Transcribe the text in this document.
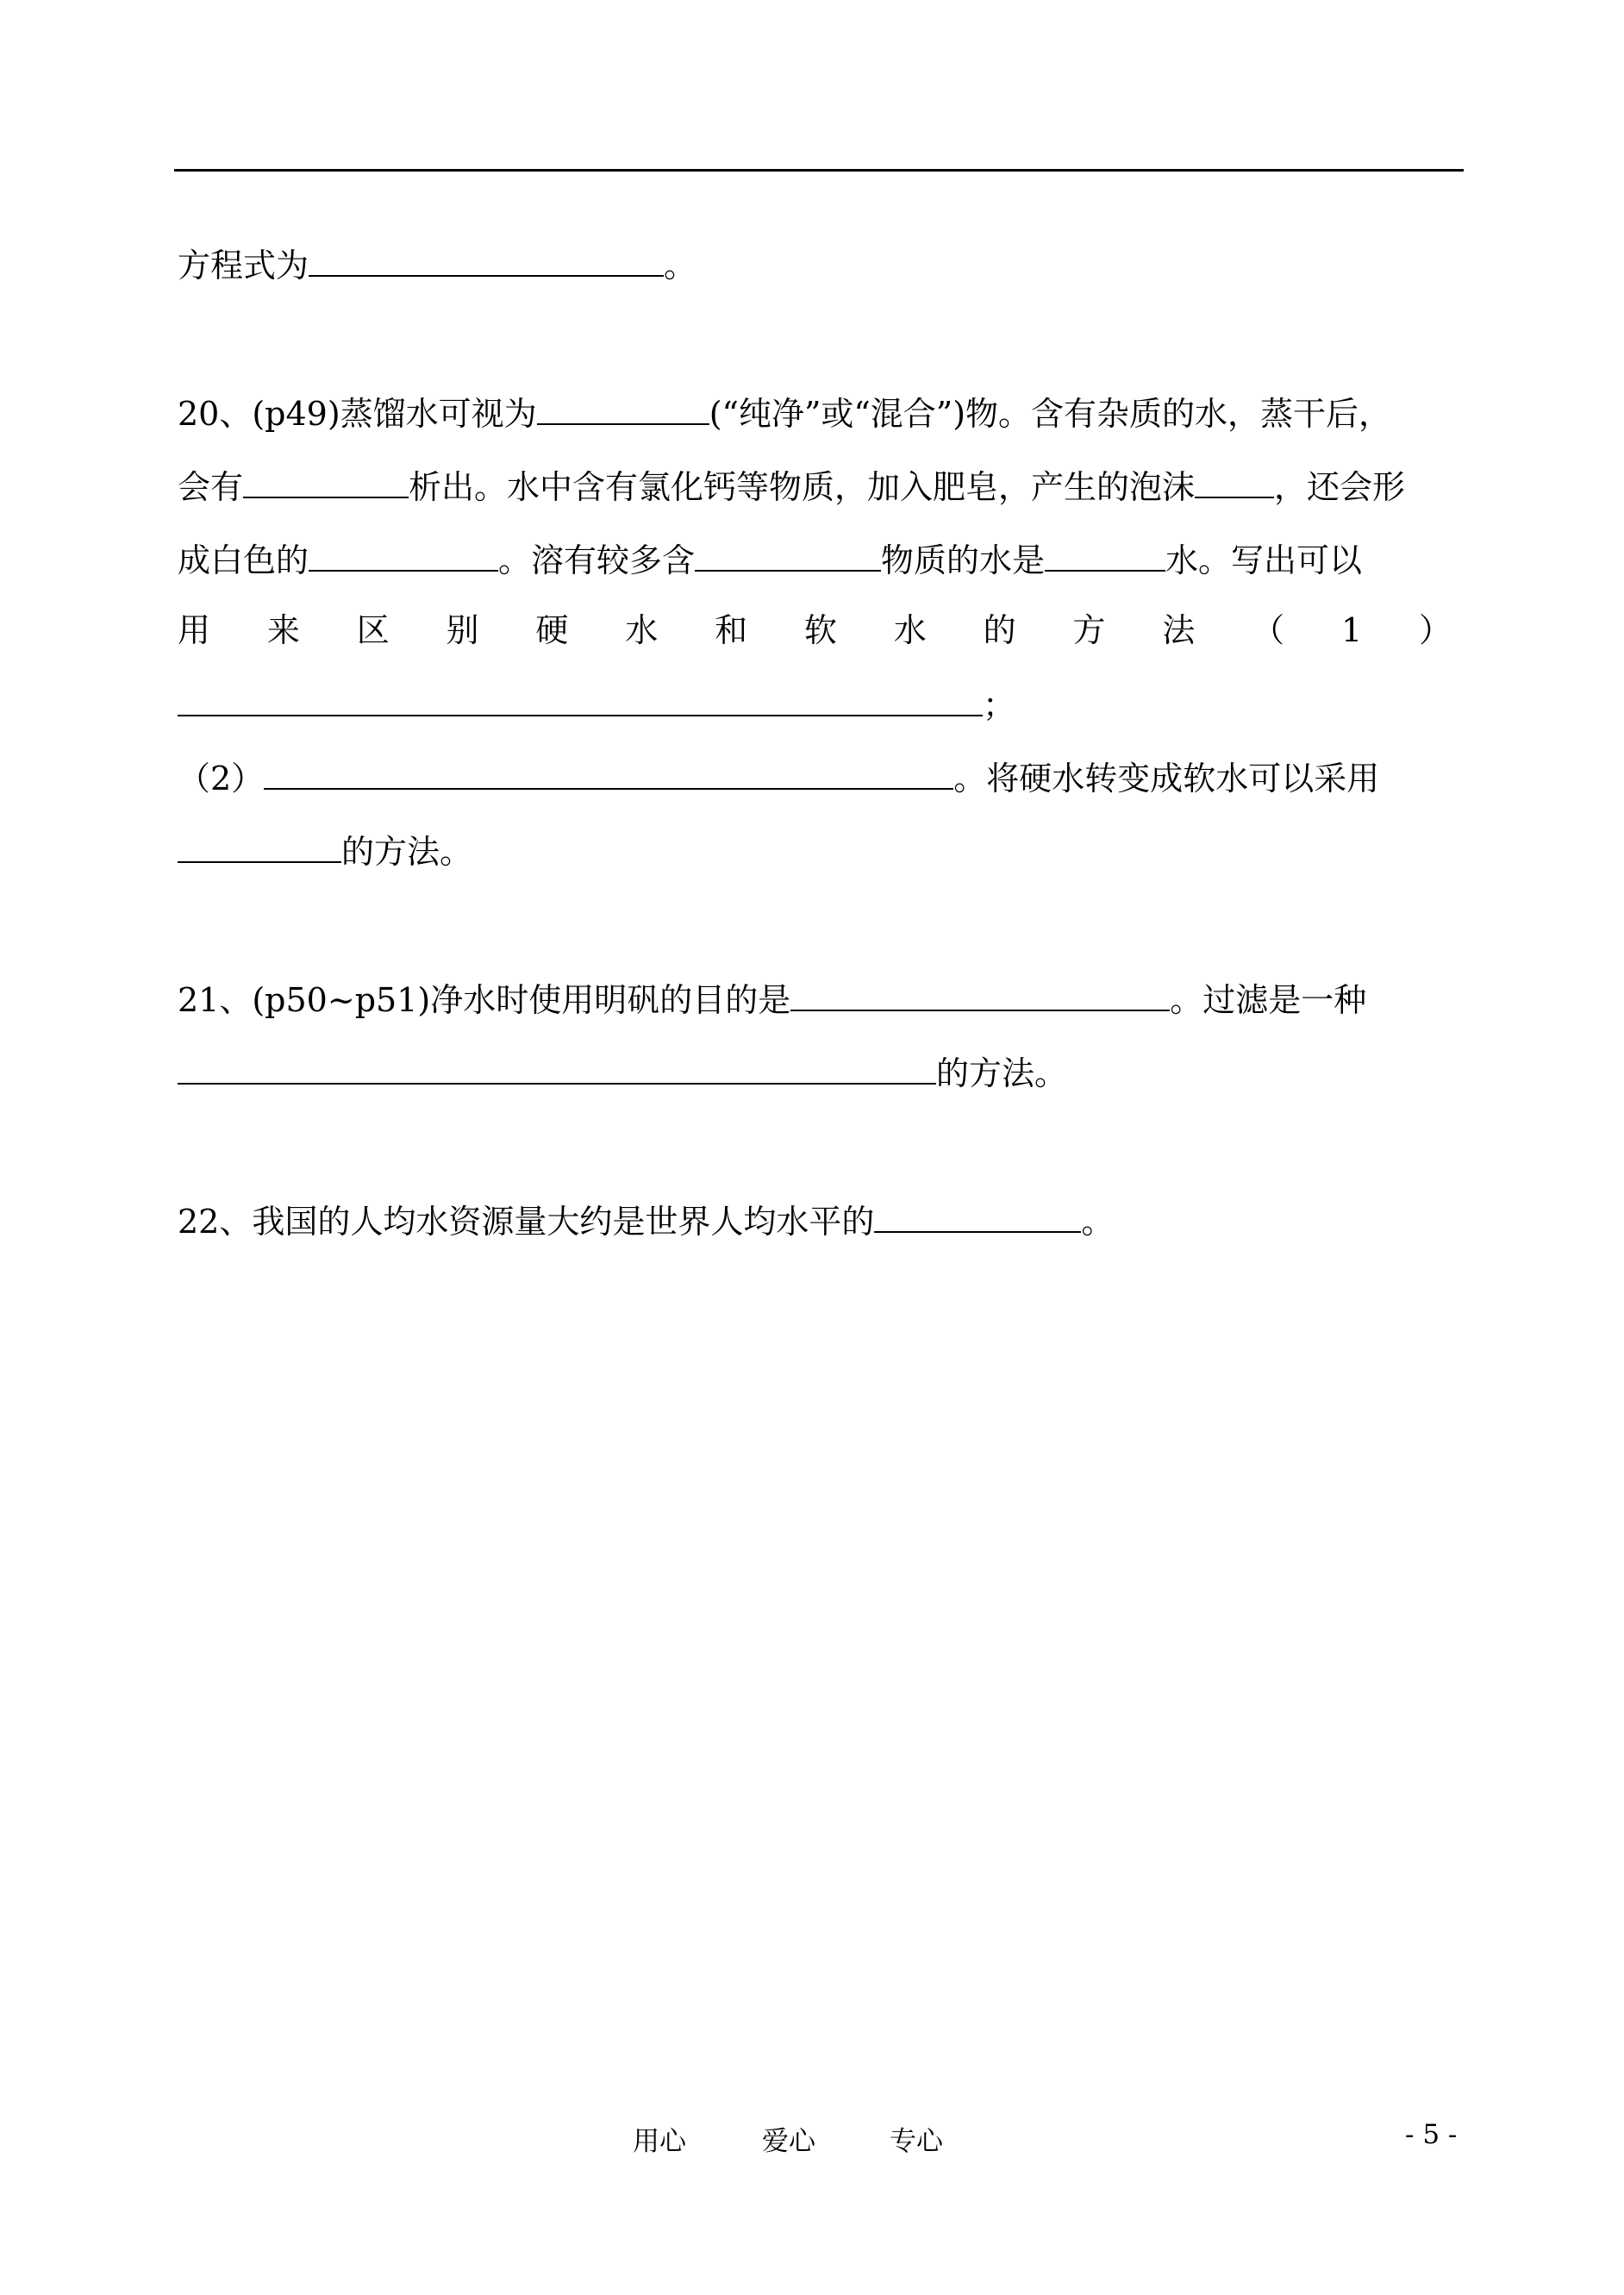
方程式为	。
20、(p49)蒸馏水可视为	(“纯净”或“混合”)物。含有杂质的水，蒸干后，
会有	析出。水中含有氯化钙等物质，加入肥皂，产生的泡沫 ，还会形
成白色的	。溶有较多含	物质的水是	水。写出可以
用 来 区 别 硬 水 和 软 水 的 方 法 （ 1 ）
；
（2）	。将硬水转变成软水可以采用
的方法。
21、(p50~p51)净水时使用明矾的目的是	。过滤是一种
的方法。
22、我国的人均水资源量大约是世界人均水平的	。
用心	爱心	专心	- 5 -
